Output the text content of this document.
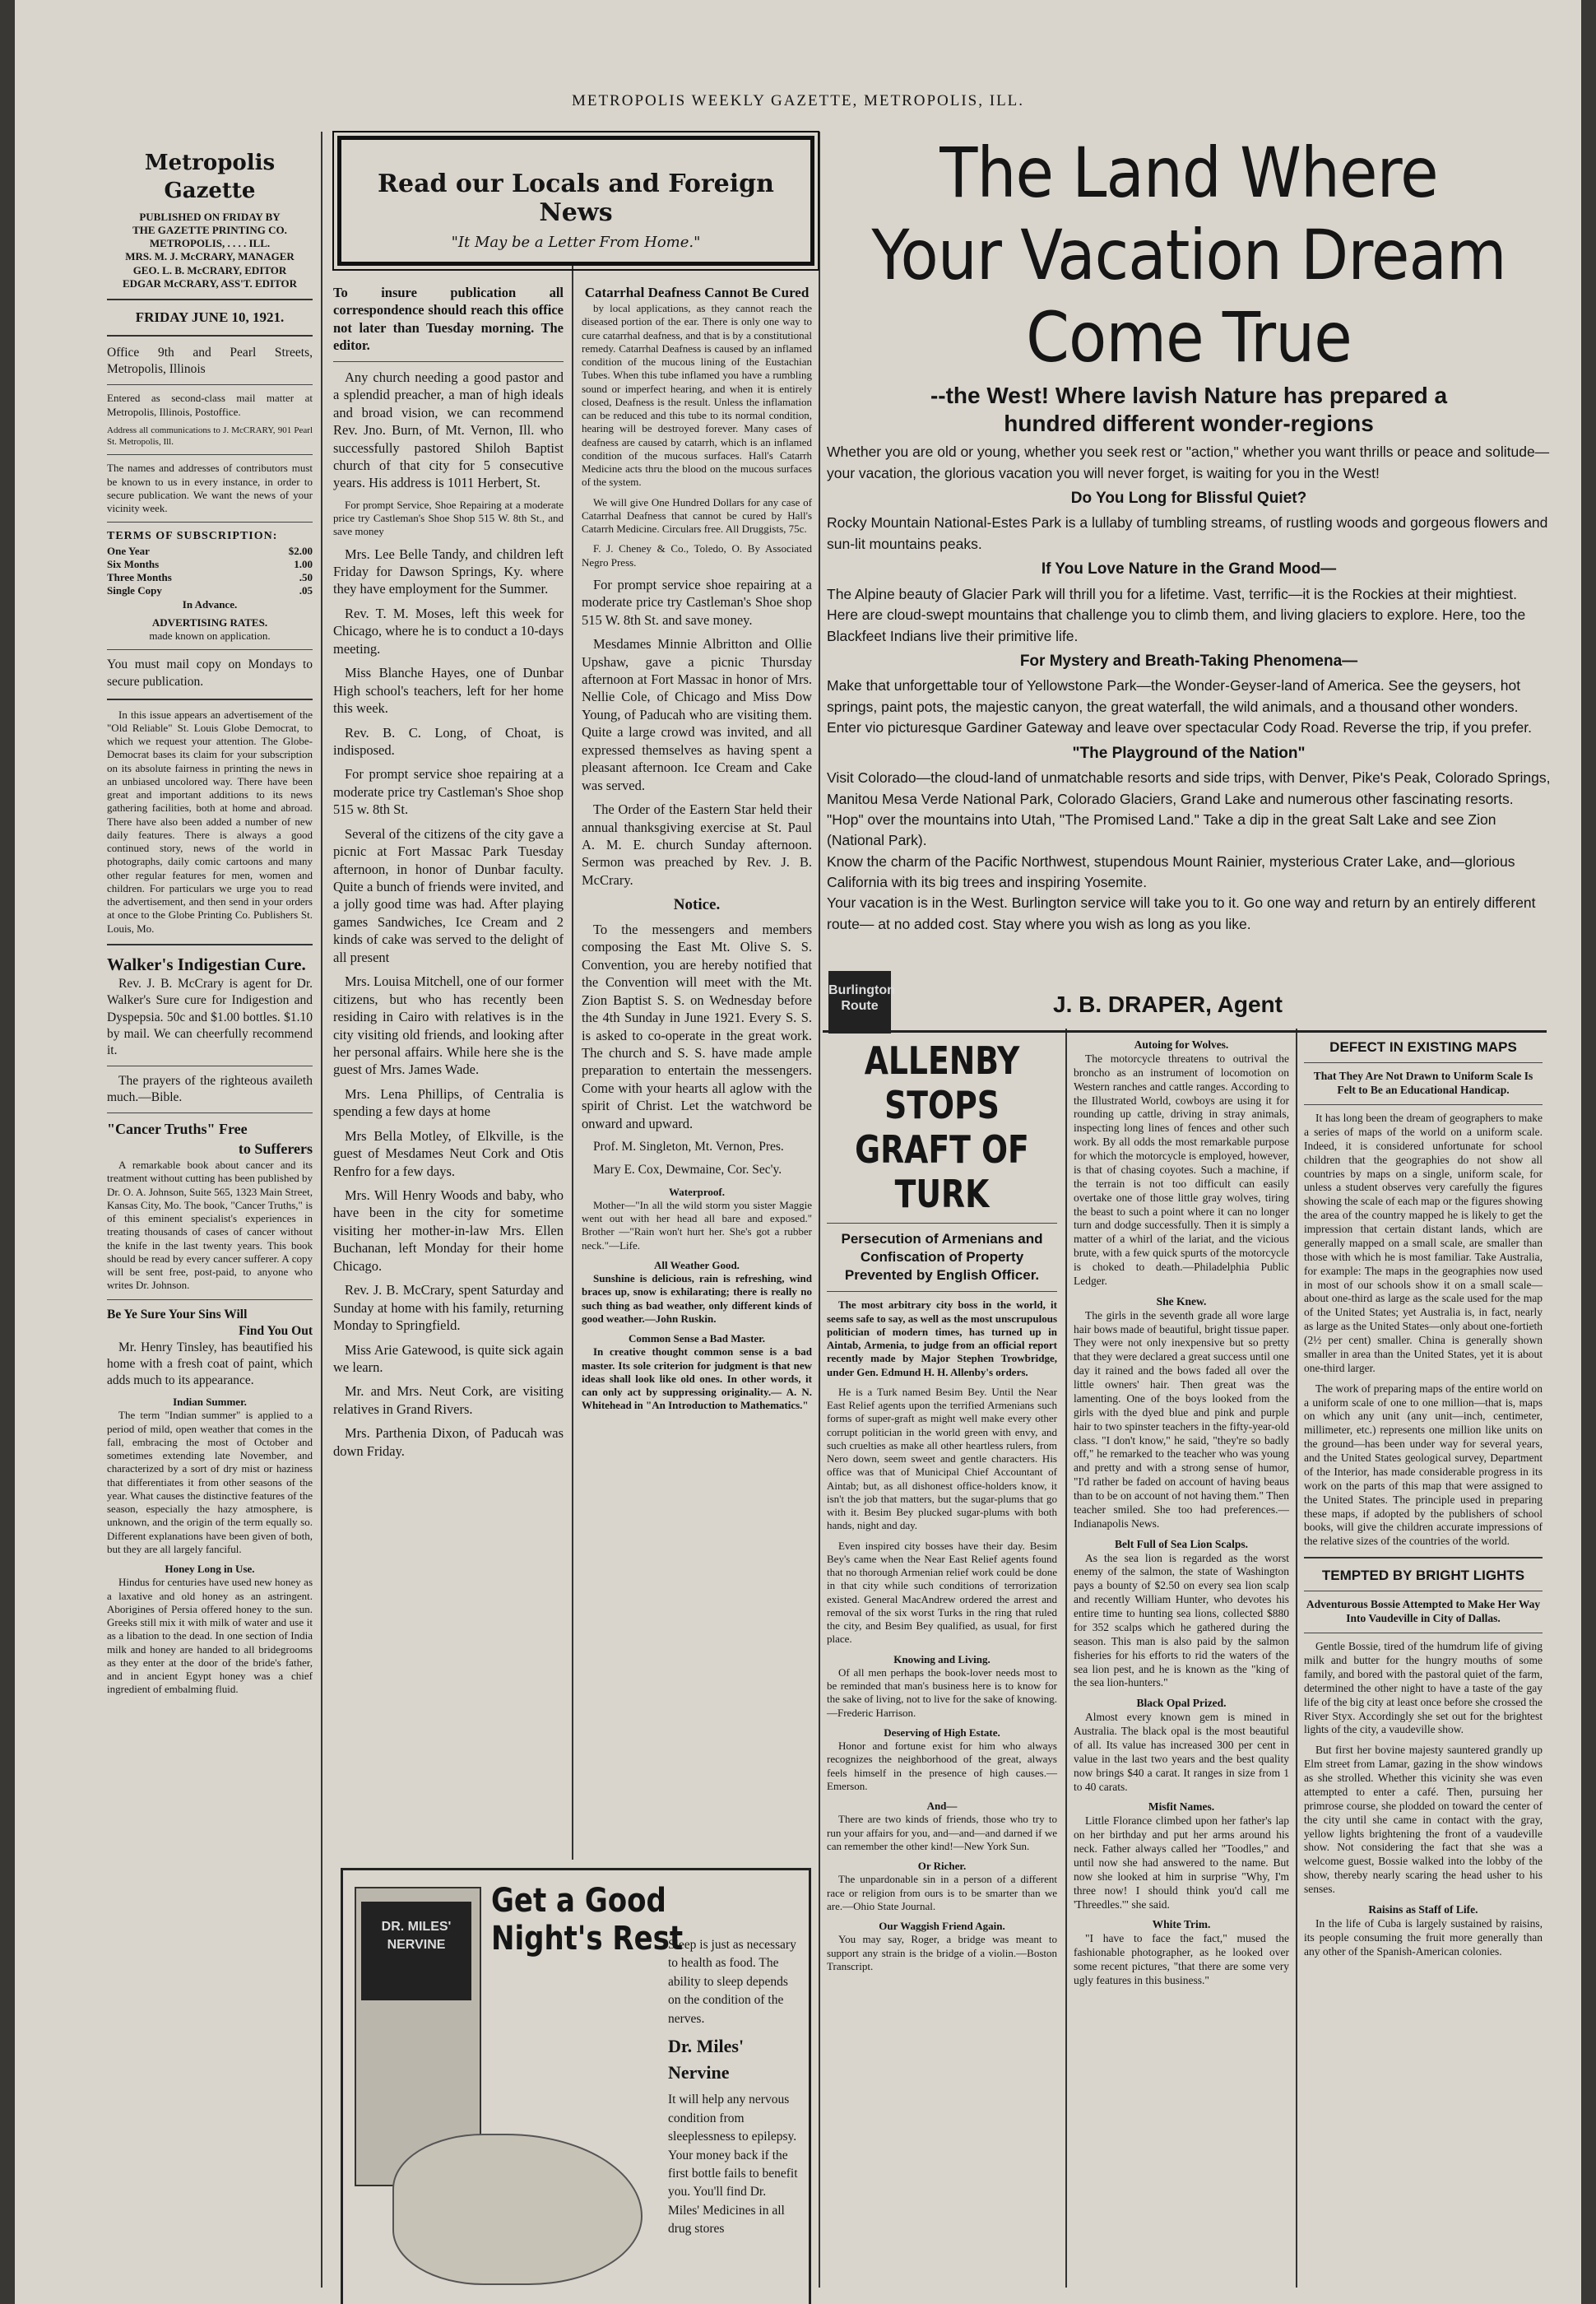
METROPOLIS WEEKLY GAZETTE, METROPOLIS, ILL.
Metropolis Gazette
PUBLISHED ON FRIDAY BY
THE GAZETTE PRINTING CO.
METROPOLIS, . . . . ILL.
MRS. M. J. McCRARY, MANAGER
GEO. L. B. McCRARY, EDITOR
EDGAR McCRARY, ASS'T. EDITOR
FRIDAY JUNE 10, 1921.

Office 9th and Pearl Streets, Metropolis, Illinois

Entered as second-class mail matter at Metropolis, Illinois, Postoffice.

Address all communications to J. McCRARY, 901 Pearl St. Metropolis, Ill.

The names and addresses of contributors must be known to us in every instance, in order to secure publication. We want the news of your vicinity week.

TERMS OF SUBSCRIPTION:
One Year	$2.00
Six Months	1.00
Three Months	.50
Single Copy	.05
In Advance.
ADVERTISING RATES.
made known on application.

You must mail copy on Mondays to secure publication.

In this issue appears an advertisement of the "Old Reliable" St. Louis Globe Democrat, to which we request your attention. The Globe-Democrat bases its claim for your subscription on its absolute fairness in printing the news in an unbiased uncolored way. There have been great and important additions to its news gathering facilities, both at home and abroad. There have also been added a number of new daily features. There is always a good continued story, news of the world in photographs, daily comic cartoons and many other regular features for men, women and children. For particulars we urge you to read the advertisement, and then send in your orders at once to the Globe Printing Co. Publishers St. Louis, Mo.

Walker's Indigestian Cure.

Rev. J. B. McCrary is agent for Dr. Walker's Sure cure for Indigestion and Dyspepsia. 50c and $1.00 bottles. $1.10 by mail. We can cheerfully recommend it.

The prayers of the righteous availeth much.—Bible.

"Cancer Truths" Free
to Sufferers

A remarkable book about cancer and its treatment without cutting has been published by Dr. O. A. Johnson, Suite 565, 1323 Main Street, Kansas City, Mo. The book, "Cancer Truths," is of this eminent specialist's experiences in treating thousands of cases of cancer without the knife in the last twenty years. This book should be read by every cancer sufferer. A copy will be sent free, post-paid, to anyone who writes Dr. Johnson.

Be Ye Sure Your Sins Will
Find You Out

Mr. Henry Tinsley, has beautified his home with a fresh coat of paint, which adds much to its appearance.

Indian Summer.

The term "Indian summer" is applied to a period of mild, open weather that comes in the fall, embracing the most of October and sometimes extending late November, and characterized by a sort of dry mist or haziness that differentiates it from other seasons of the year. What causes the distinctive features of the season, especially the hazy atmosphere, is unknown, and the origin of the term equally so. Different explanations have been given of both, but they are all largely fanciful.

Honey Long in Use.

Hindus for centuries have used new honey as a laxative and old honey as an astringent. Aborigines of Persia offered honey to the sun. Greeks still mix it with milk of water and use it as a libation to the dead. In one section of India milk and honey are handed to all bridegrooms as they enter at the door of the bride's father, and in ancient Egypt honey was a chief ingredient of embalming fluid.

Read our Locals and Foreign News
"It May be a Letter From Home."

To insure publication all correspondence should reach this office not later than Tuesday morning. The editor.

Any church needing a good pastor and a splendid preacher, a man of high ideals and broad vision, we can recommend Rev. Jno. Burn, of Mt. Vernon, Ill. who successfully pastored Shiloh Baptist church of that city for 5 consecutive years. His address is 1011 Herbert, St.

For prompt Service, Shoe Repairing at a moderate price try Castleman's Shoe Shop 515 W. 8th St., and save money

Mrs. Lee Belle Tandy, and children left Friday for Dawson Springs, Ky. where they have employment for the Summer.

Rev. T. M. Moses, left this week for Chicago, where he is to conduct a 10-days meeting.

Miss Blanche Hayes, one of Dunbar High school's teachers, left for her home this week.

Rev. B. C. Long, of Choat, is indisposed.

For prompt service shoe repairing at a moderate price try Castleman's Shoe shop 515 w. 8th St.

Several of the citizens of the city gave a picnic at Fort Massac Park Tuesday afternoon, in honor of Dunbar faculty. Quite a bunch of friends were invited, and a jolly good time was had. After playing games Sandwiches, Ice Cream and 2 kinds of cake was served to the delight of all present

Mrs. Louisa Mitchell, one of our former citizens, but who has recently been residing in Cairo with relatives is in the city visiting old friends, and looking after her personal affairs. While here she is the guest of Mrs. James Wade.

Mrs. Lena Phillips, of Centralia is spending a few days at home

Mrs Bella Motley, of Elkville, is the guest of Mesdames Neut Cork and Otis Renfro for a few days.

Mrs. Will Henry Woods and baby, who have been in the city for sometime visiting her mother-in-law Mrs. Ellen Buchanan, left Monday for their home Chicago.

Rev. J. B. McCrary, spent Saturday and Sunday at home with his family, returning Monday to Springfield.

Miss Arie Gatewood, is quite sick again we learn.

Mr. and Mrs. Neut Cork, are visiting relatives in Grand Rivers.

Mrs. Parthenia Dixon, of Paducah was down Friday.

Catarrhal Deafness Cannot Be Cured

by local applications, as they cannot reach the diseased portion of the ear. There is only one way to cure catarrhal deafness, and that is by a constitutional remedy. Catarrhal Deafness is caused by an inflamed condition of the mucous lining of the Eustachian Tubes. When this tube inflamed you have a rumbling sound or imperfect hearing, and when it is entirely closed, Deafness is the result. Unless the inflamation can be reduced and this tube to its normal condition, hearing will be destroyed forever. Many cases of deafness are caused by catarrh, which is an inflamed condition of the mucous surfaces. Hall's Catarrh Medicine acts thru the blood on the mucous surfaces of the system.

We will give One Hundred Dollars for any case of Catarrhal Deafness that cannot be cured by Hall's Catarrh Medicine. Circulars free. All Druggists, 75c.

F. J. Cheney & Co., Toledo, O. By Associated Negro Press.

For prompt service shoe repairing at a moderate price try Castleman's Shoe shop 515 W. 8th St. and save money.

Mesdames Minnie Albritton and Ollie Upshaw, gave a picnic Thursday afternoon at Fort Massac in honor of Mrs. Nellie Cole, of Chicago and Miss Dow Young, of Paducah who are visiting them. Quite a large crowd was invited, and all expressed themselves as having spent a pleasant afternoon. Ice Cream and Cake was served.

The Order of the Eastern Star held their annual thanksgiving exercise at St. Paul A. M. E. church Sunday afternoon. Sermon was preached by Rev. J. B. McCrary.

Notice.

To the messengers and members composing the East Mt. Olive S. S. Convention, you are hereby notified that the Convention will meet with the Mt. Zion Baptist S. S. on Wednesday before the 4th Sunday in June 1921. Every S. S. is asked to co-operate in the great work. The church and S. S. have made ample preparation to entertain the messengers. Come with your hearts all aglow with the spirit of Christ. Let the watchword be onward and upward.

Prof. M. Singleton, Mt. Vernon, Pres.

Mary E. Cox, Dewmaine, Cor. Sec'y.

Waterproof.

Mother—"In all the wild storm you sister Maggie went out with her head all bare and exposed." Brother —"Rain won't hurt her. She's got a rubber neck."—Life.

All Weather Good.

Sunshine is delicious, rain is refreshing, wind braces up, snow is exhilarating; there is really no such thing as bad weather, only different kinds of good weather.—John Ruskin.

Common Sense a Bad Master.

In creative thought common sense is a bad master. Its sole criterion for judgment is that new ideas shall look like old ones. In other words, it can only act by suppressing originality.— A. N. Whitehead in "An Introduction to Mathematics."

DR. MILES' NERVINE
Get a Good Night's Rest
Sleep is just as necessary to health as food. The ability to sleep depends on the condition of the nerves.
Dr. Miles' Nervine
It will help any nervous condition from sleeplessness to epilepsy. Your money back if the first bottle fails to benefit you. You'll find Dr. Miles' Medicines in all drug stores
The Land Where
Your Vacation Dream
Come True
--the West! Where lavish Nature has prepared a hundred different wonder-regions
Whether you are old or young, whether you seek rest or "action," whether you want thrills or peace and solitude—your vacation, the glorious vacation you will never forget, is waiting for you in the West!
Do You Long for Blissful Quiet?
Rocky Mountain National-Estes Park is a lullaby of tumbling streams, of rustling woods and gorgeous flowers and sun-lit mountains peaks.
If You Love Nature in the Grand Mood—
The Alpine beauty of Glacier Park will thrill you for a lifetime. Vast, terrific—it is the Rockies at their mightiest. Here are cloud-swept mountains that challenge you to climb them, and living glaciers to explore. Here, too the Blackfeet Indians live their primitive life.
For Mystery and Breath-Taking Phenomena—
Make that unforgettable tour of Yellowstone Park—the Wonder-Geyser-land of America. See the geysers, hot springs, paint pots, the majestic canyon, the great waterfall, the wild animals, and a thousand other wonders. Enter vio picturesque Gardiner Gateway and leave over spectacular Cody Road. Reverse the trip, if you prefer.
"The Playground of the Nation"
Visit Colorado—the cloud-land of unmatchable resorts and side trips, with Denver, Pike's Peak, Colorado Springs, Manitou Mesa Verde National Park, Colorado Glaciers, Grand Lake and numerous other fascinating resorts.
"Hop" over the mountains into Utah, "The Promised Land." Take a dip in the great Salt Lake and see Zion (National Park).
Know the charm of the Pacific Northwest, stupendous Mount Rainier, mysterious Crater Lake, and—glorious California with its big trees and inspiring Yosemite.
Your vacation is in the West. Burlington service will take you to it. Go one way and return by an entirely different route— at no added cost. Stay where you wish as long as you like.
Burlington Route	J. B. DRAPER, Agent
ALLENBY STOPS
GRAFT OF TURK
Persecution of Armenians and Confiscation of Property Prevented by English Officer.

The most arbitrary city boss in the world, it seems safe to say, as well as the most unscrupulous politician of modern times, has turned up in Aintab, Armenia, to judge from an official report recently made by Major Stephen Trowbridge, under Gen. Edmund H. H. Allenby's orders.

He is a Turk named Besim Bey. Until the Near East Relief agents upon the terrified Armenians such forms of super-graft as might well make every other corrupt politician in the world green with envy, and such cruelties as make all other heartless rulers, from Nero down, seem sweet and gentle characters. His office was that of Municipal Chief Accountant of Aintab; but, as all dishonest office-holders know, it isn't the job that matters, but the sugar-plums that go with it. Besim Bey plucked sugar-plums with both hands, night and day.

Even inspired city bosses have their day. Besim Bey's came when the Near East Relief agents found that no thorough Armenian relief work could be done in that city while such conditions of terrorization existed. General MacAndrew ordered the arrest and removal of the six worst Turks in the ring that ruled the city, and Besim Bey qualified, as usual, for first place.

Knowing and Living.

Of all men perhaps the book-lover needs most to be reminded that man's business here is to know for the sake of living, not to live for the sake of knowing.—Frederic Harrison.

Deserving of High Estate.

Honor and fortune exist for him who always recognizes the neighborhood of the great, always feels himself in the presence of high causes.—Emerson.

And—

There are two kinds of friends, those who try to run your affairs for you, and—and—and darned if we can remember the other kind!—New York Sun.

Or Richer.

The unpardonable sin in a person of a different race or religion from ours is to be smarter than we are.—Ohio State Journal.

Our Waggish Friend Again.

You may say, Roger, a bridge was meant to support any strain is the bridge of a violin.—Boston Transcript.

Autoing for Wolves.

The motorcycle threatens to outrival the broncho as an instrument of locomotion on Western ranches and cattle ranges. According to the Illustrated World, cowboys are using it for rounding up cattle, driving in stray animals, inspecting long lines of fences and other such work. By all odds the most remarkable purpose for which the motorcycle is employed, however, is that of chasing coyotes. Such a machine, if the terrain is not too difficult can easily overtake one of those little gray wolves, tiring the beast to such a point where it can no longer turn and dodge successfully. Then it is simply a matter of a whirl of the lariat, and the vicious brute, with a few quick spurts of the motorcycle is choked to death.—Philadelphia Public Ledger.

She Knew.

The girls in the seventh grade all wore large hair bows made of beautiful, bright tissue paper. They were not only inexpensive but so pretty that they were declared a great success until one day it rained and the bows faded all over the little owners' hair. Then great was the lamenting. One of the boys looked from the girls with the dyed blue and pink and purple hair to two spinster teachers in the fifty-year-old class. "I don't know," he said, "they're so badly off," he remarked to the teacher who was young and pretty and with a strong sense of humor, "I'd rather be faded on account of having beaus than to be on account of not having them." Then teacher smiled. She too had preferences.—Indianapolis News.

Belt Full of Sea Lion Scalps.

As the sea lion is regarded as the worst enemy of the salmon, the state of Washington pays a bounty of $2.50 on every sea lion scalp and recently William Hunter, who devotes his entire time to hunting sea lions, collected $880 for 352 scalps which he gathered during the season. This man is also paid by the salmon fisheries for his efforts to rid the waters of the sea lion pest, and he is known as the "king of the sea lion-hunters."

Black Opal Prized.

Almost every known gem is mined in Australia. The black opal is the most beautiful of all. Its value has increased 300 per cent in value in the last two years and the best quality now brings $40 a carat. It ranges in size from 1 to 40 carats.

Misfit Names.

Little Florance climbed upon her father's lap on her birthday and put her arms around his neck. Father always called her "Toodles," and until now she had answered to the name. But now she looked at him in surprise "Why, I'm three now! I should think you'd call me 'Threedles.'" she said.

White Trim.

"I have to face the fact," mused the fashionable photographer, as he looked over some recent pictures, "that there are some very ugly features in this business."

DEFECT IN EXISTING MAPS
That They Are Not Drawn to Uniform Scale Is Felt to Be an Educational Handicap.

It has long been the dream of geographers to make a series of maps of the world on a uniform scale. Indeed, it is considered unfortunate for school children that the geographies do not show all countries by maps on a single, uniform scale, for unless a student observes very carefully the figures showing the scale of each map or the figures showing the area of the country mapped he is likely to get the impression that certain distant lands, which are generally mapped on a small scale, are smaller than those with which he is most familiar. Take Australia, for example: The maps in the geographies now used in most of our schools show it on a small scale—about one-third as large as the scale used for the map of the United States; yet Australia is, in fact, nearly as large as the United States—only about one-fortieth (2½ per cent) smaller. China is generally shown smaller in area than the United States, yet it is about one-third larger.

The work of preparing maps of the entire world on a uniform scale of one to one million—that is, maps on which any unit (any unit—inch, centimeter, millimeter, etc.) represents one million like units on the ground—has been under way for several years, and the United States geological survey, Department of the Interior, has made considerable progress in its work on the parts of this map that were assigned to the United States. The principle used in preparing these maps, if adopted by the publishers of school books, will give the children accurate impressions of the relative sizes of the countries of the world.

TEMPTED BY BRIGHT LIGHTS
Adventurous Bossie Attempted to Make Her Way Into Vaudeville in City of Dallas.

Gentle Bossie, tired of the humdrum life of giving milk and butter for the hungry mouths of some family, and bored with the pastoral quiet of the farm, determined the other night to have a taste of the gay life of the big city at least once before she crossed the River Styx. Accordingly she set out for the brightest lights of the city, a vaudeville show.

But first her bovine majesty sauntered grandly up Elm street from Lamar, gazing in the show windows as she strolled. Whether this vicinity she was even attempted to enter a café. Then, pursuing her primrose course, she plodded on toward the center of the city until she came in contact with the gray, yellow lights brightening the front of a vaudeville show. Not considering the fact that she was a welcome guest, Bossie walked into the lobby of the show, thereby nearly scaring the head usher to his senses.

Raisins as Staff of Life.

In the life of Cuba is largely sustained by raisins, its people consuming the fruit more generally than any other of the Spanish-American colonies.
